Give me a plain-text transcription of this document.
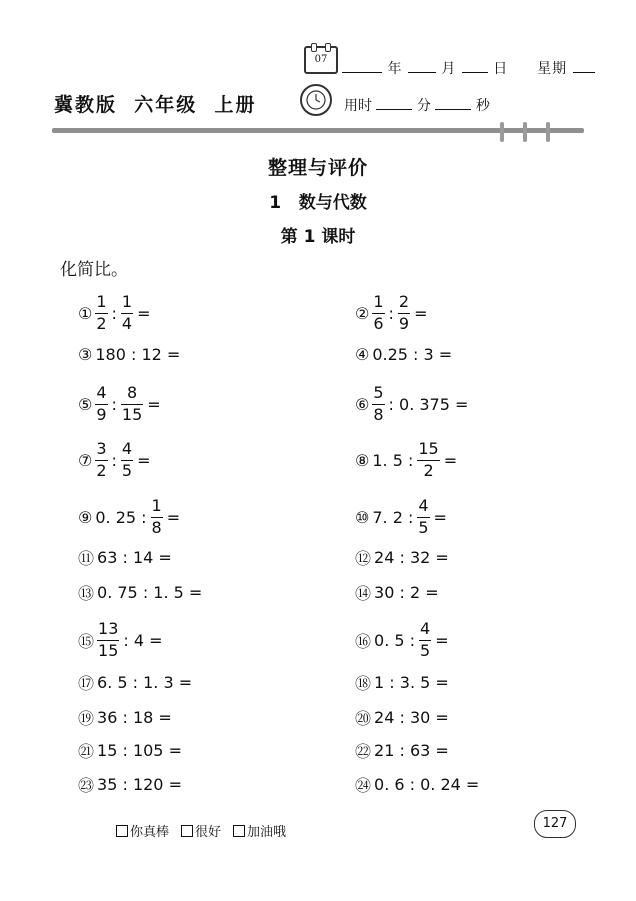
07
年	月	日 星期
冀教版  六年级  上册	用时	分	秒
整理与评价
1   数与代数
第 1 课时
化简比。
① $\frac{1}{2}$ : $\frac{1}{4}$ =	② $\frac{1}{6}$ : $\frac{2}{9}$ =
③ 180 : 12 =	④ 0.25 : 3 =
⑤ $\frac{4}{9}$ : $\frac{8}{15}$ =	⑥ $\frac{5}{8}$ : 0. 375 =
⑦ $\frac{3}{2}$ : $\frac{4}{5}$ =	⑧ 1. 5 : $\frac{15}{2}$ =
⑨ 0. 25 : $\frac{1}{8}$ =	⑩ 7. 2 : $\frac{4}{5}$ =
⑪ 63 : 14 =	⑫ 24 : 32 =
⑬ 0. 75 : 1. 5 =	⑭ 30 : 2 =
⑮ $\frac{13}{15}$ : 4 =	⑯ 0. 5 : $\frac{4}{5}$ =
⑰ 6. 5 : 1. 3 =	⑱ 1 : 3. 5 =
⑲ 36 : 18 =	⑳ 24 : 30 =
㉑ 15 : 105 =	㉒ 21 : 63 =
㉓ 35 : 120 =	㉔ 0. 6 : 0. 24 =
你真棒 很好 加油哦
127
